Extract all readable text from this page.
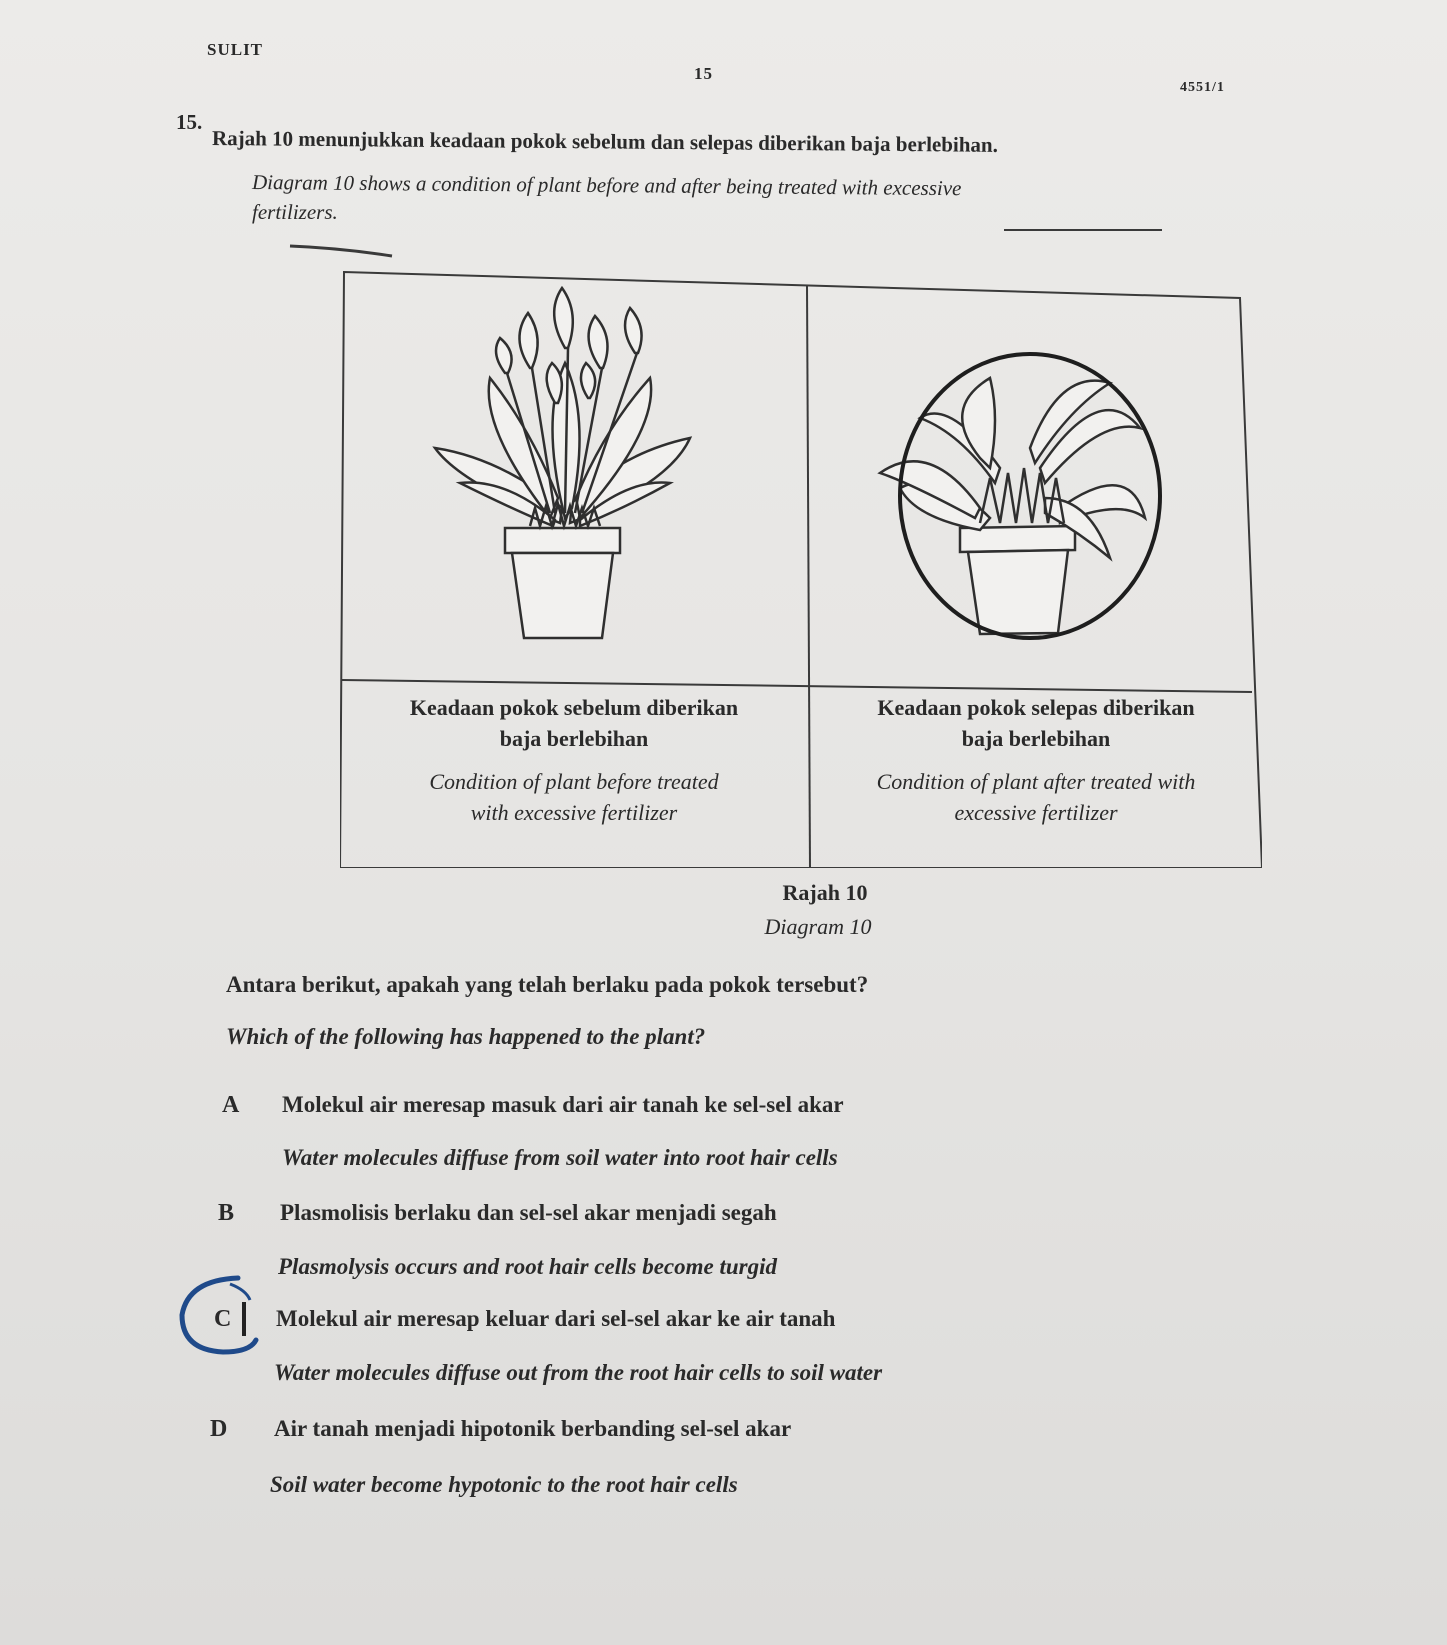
SULIT
15
4551/1
15.
Rajah 10 menunjukkan keadaan pokok sebelum dan selepas diberikan baja berlebihan.
Diagram 10 shows a condition of plant before and after being treated with excessive
fertilizers.
Keadaan pokok sebelum diberikan
baja berlebihan
Condition of plant before treated
with excessive fertilizer
Keadaan pokok selepas diberikan
baja berlebihan
Condition of plant after treated with
excessive fertilizer
Rajah 10
Diagram 10
Antara berikut, apakah yang telah berlaku pada pokok tersebut?
Which of the following has happened to the plant?
A Molekul air meresap masuk dari air tanah ke sel-sel akar
Water molecules diffuse from soil water into root hair cells
B Plasmolisis berlaku dan sel-sel akar menjadi segah
Plasmolysis occurs and root hair cells become turgid
C Molekul air meresap keluar dari sel-sel akar ke air tanah
Water molecules diffuse out from the root hair cells to soil water
D Air tanah menjadi hipotonik berbanding sel-sel akar
Soil water become hypotonic to the root hair cells
